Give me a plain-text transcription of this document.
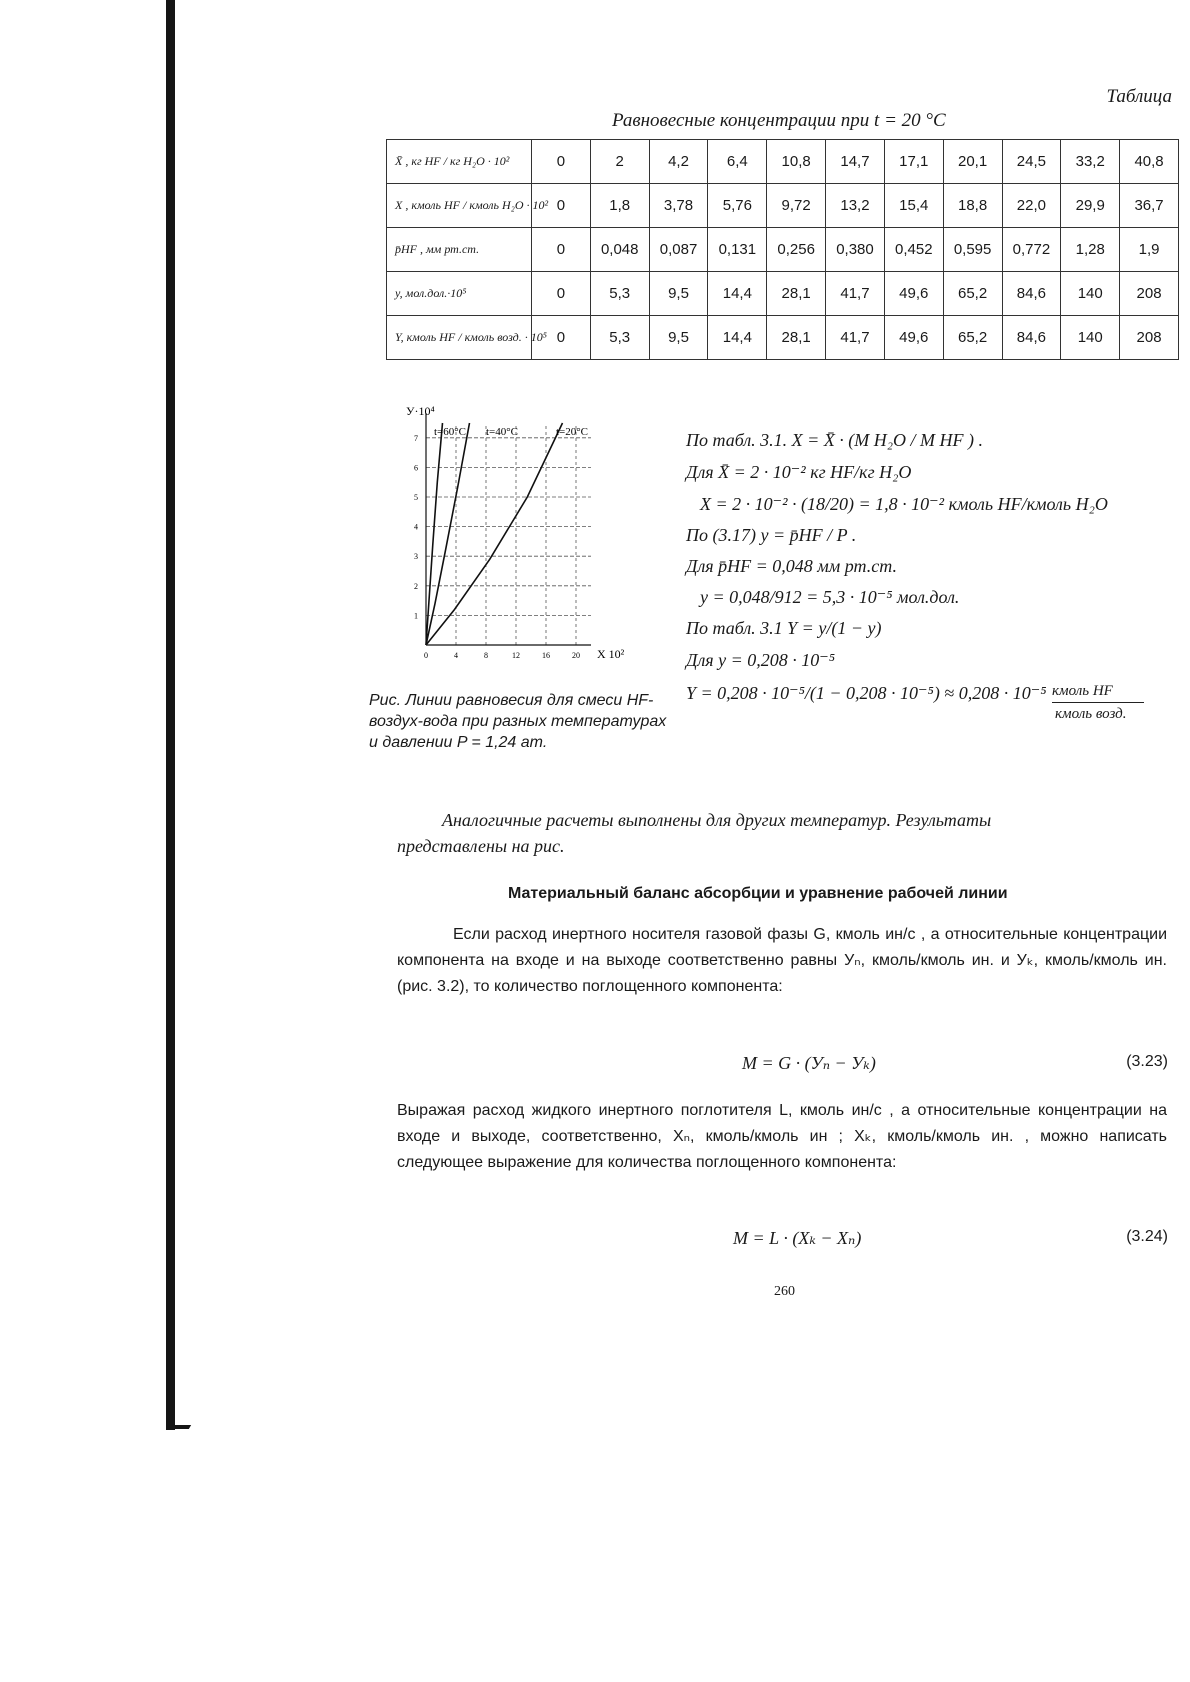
Таблица
Равновесные концентрации при t = 20 °C
X̄ , кг HF / кг H₂O · 10²	0	2	4,2	6,4	10,8	14,7	17,1	20,1	24,5	33,2	40,8
X , кмоль HF / кмоль H₂O · 10²	0	1,8	3,78	5,76	9,72	13,2	15,4	18,8	22,0	29,9	36,7
p̄HF , мм рт.ст.	0	0,048	0,087	0,131	0,256	0,380	0,452	0,595	0,772	1,28	1,9
y, мол.дол.·10⁵	0	5,3	9,5	14,4	28,1	41,7	49,6	65,2	84,6	140	208
Y, кмоль HF / кмоль возд. · 10⁵	0	5,3	9,5	14,4	28,1	41,7	49,6	65,2	84,6	140	208
0	4	8	12	16	20
1
2
3
4
5
6
7
X 10²
У·10⁴
t=60°C t=40°C	t=20°C	По табл. 3.1. X = X̄ · (M H₂O / M HF ) .
Для X̄ = 2 · 10⁻² кг HF/кг H₂O
X = 2 · 10⁻² · (18/20) = 1,8 · 10⁻² кмоль HF/кмоль H₂O
По (3.17) y = p̄HF / P .
Для p̄HF = 0,048 мм рт.ст.
y = 0,048/912 = 5,3 · 10⁻⁵ мол.дол.
По табл. 3.1 Y = y/(1 − y)
Для y = 0,208 · 10⁻⁵
Y = 0,208 · 10⁻⁵/(1 − 0,208 · 10⁻⁵) ≈ 0,208 · 10⁻⁵ кмоль HF
кмоль возд.
Рис. Линии равновесия для смеси HF-воздух-вода при разных температурах и давлении P = 1,24 ат.
Аналогичные расчеты выполнены для других температур. Результаты
представлены на рис.
Материальный баланс абсорбции и уравнение рабочей линии
Если расход инертного носителя газовой фазы G, кмоль ин/с , а относительные концентрации компонента на входе и на выходе соответственно равны Уₙ, кмоль/кмоль ин. и Уₖ, кмоль/кмоль ин. (рис. 3.2), то количество поглощенного компонента:
M = G · (Уₙ − Уₖ)	(3.23)
Выражая расход жидкого инертного поглотителя L, кмоль ин/с , а относительные концентрации на входе и выходе, соответственно, Xₙ, кмоль/кмоль ин ; Xₖ, кмоль/кмоль ин. , можно написать следующее выражение для количества поглощенного компонента:
M = L · (Xₖ − Xₙ)	(3.24)
260
